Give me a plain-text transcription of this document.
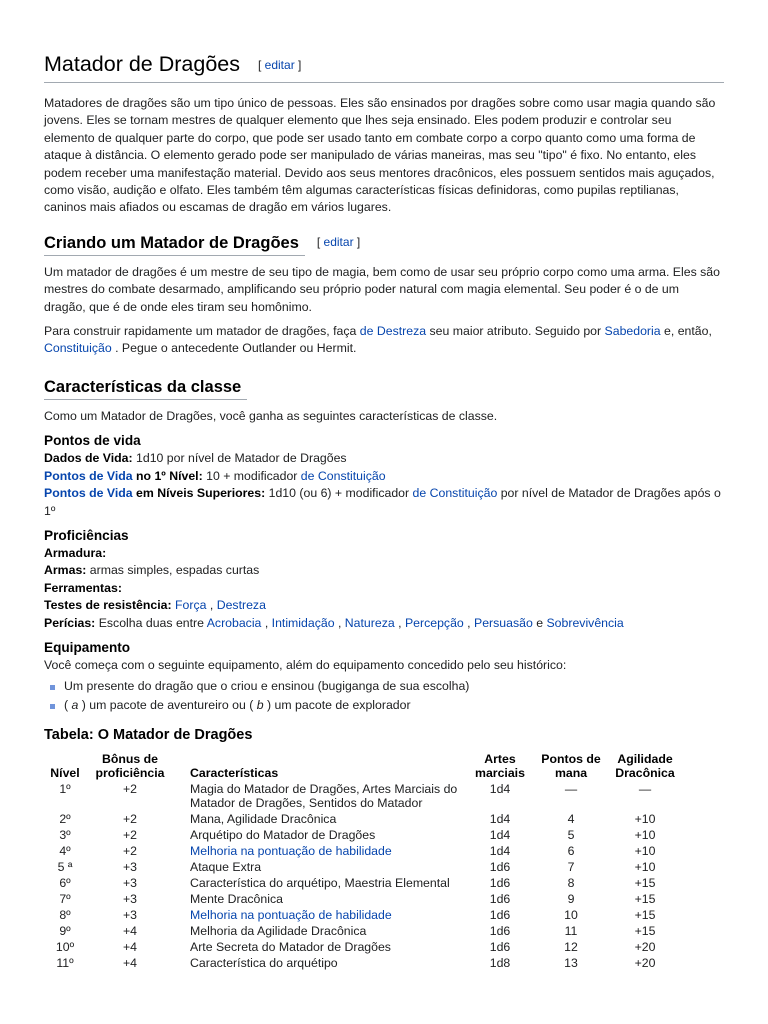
Matador de Dragões [ editar ]

Matadores de dragões são um tipo único de pessoas. Eles são ensinados por dragões sobre como usar magia quando são jovens. Eles se tornam mestres de qualquer elemento que lhes seja ensinado. Eles podem produzir e controlar seu elemento de qualquer parte do corpo, que pode ser usado tanto em combate corpo a corpo quanto como uma forma de ataque à distância. O elemento gerado pode ser manipulado de várias maneiras, mas seu "tipo" é fixo. No entanto, eles podem receber uma manifestação material. Devido aos seus mentores dracônicos, eles possuem sentidos mais aguçados, como visão, audição e olfato. Eles também têm algumas características físicas definidoras, como pupilas reptilianas, caninos mais afiados ou escamas de dragão em vários lugares.

Criando um Matador de Dragões [ editar ]

Um matador de dragões é um mestre de seu tipo de magia, bem como de usar seu próprio corpo como uma arma. Eles são mestres do combate desarmado, amplificando seu próprio poder natural com magia elemental. Seu poder é o de um dragão, que é de onde eles tiram seu homônimo.

Para construir rapidamente um matador de dragões, faça de Destreza seu maior atributo. Seguido por Sabedoria e, então, Constituição . Pegue o antecedente Outlander ou Hermit.

Características da classe

Como um Matador de Dragões, você ganha as seguintes características de classe.

Pontos de vida

Dados de Vida: 1d10 por nível de Matador de Dragões

Pontos de Vida no 1º Nível: 10 + modificador de Constituição

Pontos de Vida em Níveis Superiores: 1d10 (ou 6) + modificador de Constituição por nível de Matador de Dragões após o 1º

Proficiências

Armadura:

Armas: armas simples, espadas curtas

Ferramentas:

Testes de resistência: Força , Destreza

Perícias: Escolha duas entre Acrobacia , Intimidação , Natureza , Percepção , Persuasão e Sobrevivência

Equipamento

Você começa com o seguinte equipamento, além do equipamento concedido pelo seu histórico:

Um presente do dragão que o criou e ensinou (bugiganga de sua escolha)
( a ) um pacote de aventureiro ou ( b ) um pacote de explorador
Tabela: O Matador de Dragões
Nível	Bônus de proficiência	Características	Artes marciais	Pontos de mana	Agilidade Dracônica
1º	+2	Magia do Matador de Dragões, Artes Marciais do Matador de Dragões, Sentidos do Matador	1d4	—	—
2º	+2	Mana, Agilidade Dracônica	1d4	4	+10
3º	+2	Arquétipo do Matador de Dragões	1d4	5	+10
4º	+2	Melhoria na pontuação de habilidade	1d4	6	+10
5 ª	+3	Ataque Extra	1d6	7	+10
6º	+3	Característica do arquétipo, Maestria Elemental	1d6	8	+15
7º	+3	Mente Dracônica	1d6	9	+15
8º	+3	Melhoria na pontuação de habilidade	1d6	10	+15
9º	+4	Melhoria da Agilidade Dracônica	1d6	11	+15
10º	+4	Arte Secreta do Matador de Dragões	1d6	12	+20
11º	+4	Característica do arquétipo	1d8	13	+20
